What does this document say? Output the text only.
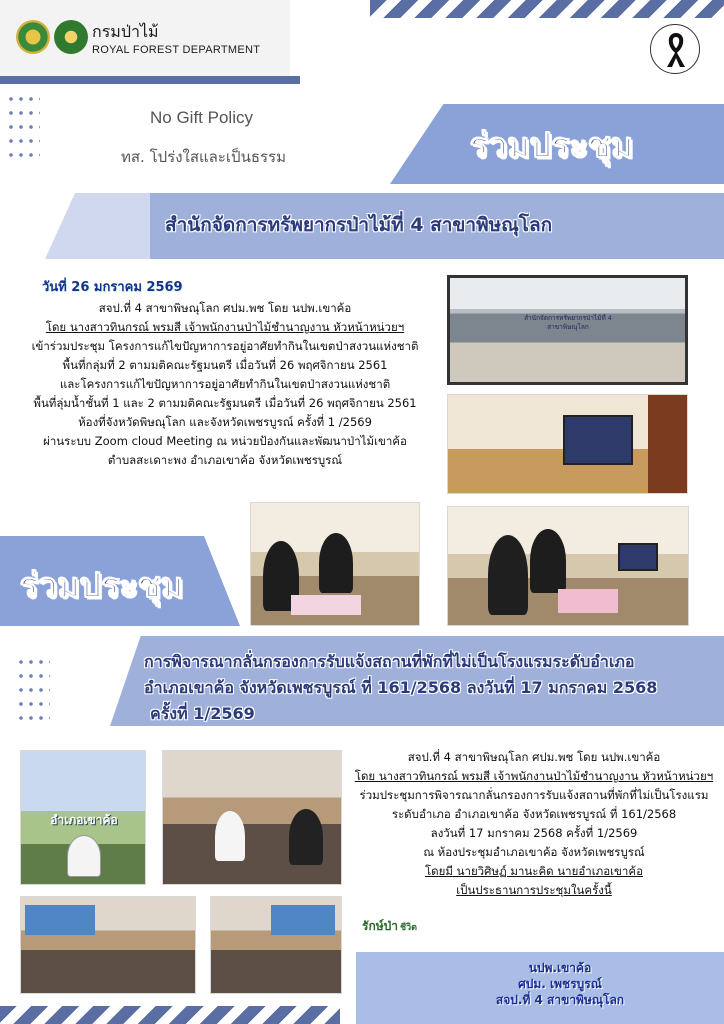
กรมป่าไม้
ROYAL FOREST DEPARTMENT
No Gift Policy
ทส. โปร่งใสและเป็นธรรม	ร่วมประชุม
สำนักจัดการทรัพยากรป่าไม้ที่ 4 สาขาพิษณุโลก
วันที่ 26 มกราคม 2569
สจป.ที่ 4 สาขาพิษณุโลก ศปม.พช โดย นปพ.เขาค้อ
โดย นางสาวทินกรณ์ พรมสี เจ้าพนักงานป่าไม้ชำนาญงาน หัวหน้าหน่วยฯ
เข้าร่วมประชุม โครงการแก้ไขปัญหาการอยู่อาศัยทำกินในเขตป่าสงวนแห่งชาติ
พื้นที่กลุ่มที่ 2 ตามมติคณะรัฐมนตรี เมื่อวันที่ 26 พฤศจิกายน 2561
และโครงการแก้ไขปัญหาการอยู่อาศัยทำกินในเขตป่าสงวนแห่งชาติ
พื้นที่ลุ่มน้ำชั้นที่ 1 และ 2 ตามมติคณะรัฐมนตรี เมื่อวันที่ 26 พฤศจิกายน 2561
ห้องที่จังหวัดพิษณุโลก และจังหวัดเพชรบูรณ์ ครั้งที่ 1 /2569
ผ่านระบบ Zoom cloud Meeting ณ หน่วยป้องกันและพัฒนาป่าไม้เขาค้อ
ตำบลสะเดาะพง อำเภอเขาค้อ จังหวัดเพชรบูรณ์
สำนักจัดการทรัพยากรป่าไม้ที่ 4
สาขาพิษณุโลก
ร่วมประชุม
การพิจารณากลั่นกรองการรับแจ้งสถานที่พักที่ไม่เป็นโรงแรมระดับอำเภอ
อำเภอเขาค้อ จังหวัดเพชรบูรณ์ ที่ 161/2568 ลงวันที่ 17 มกราคม 2568
ครั้งที่ 1/2569
อำเภอเขาค้อ
สจป.ที่ 4 สาขาพิษณุโลก ศปม.พช โดย นปพ.เขาค้อ
โดย นางสาวทินกรณ์ พรมสี เจ้าพนักงานป่าไม้ชำนาญงาน หัวหน้าหน่วยฯ
ร่วมประชุมการพิจารณากลั่นกรองการรับแจ้งสถานที่พักที่ไม่เป็นโรงแรม
ระดับอำเภอ อำเภอเขาค้อ จังหวัดเพชรบูรณ์ ที่ 161/2568
ลงวันที่ 17 มกราคม 2568 ครั้งที่ 1/2569
ณ ห้องประชุมอำเภอเขาค้อ จังหวัดเพชรบูรณ์
โดยมี นายวิศิษฏ์ มานะคิด นายอำเภอเขาค้อ
เป็นประธานการประชุมในครั้งนี้
รักษ์ป่า ชีวิต
นปพ.เขาค้อ
ศปม. เพชรบูรณ์
สจป.ที่ 4 สาขาพิษณุโลก
